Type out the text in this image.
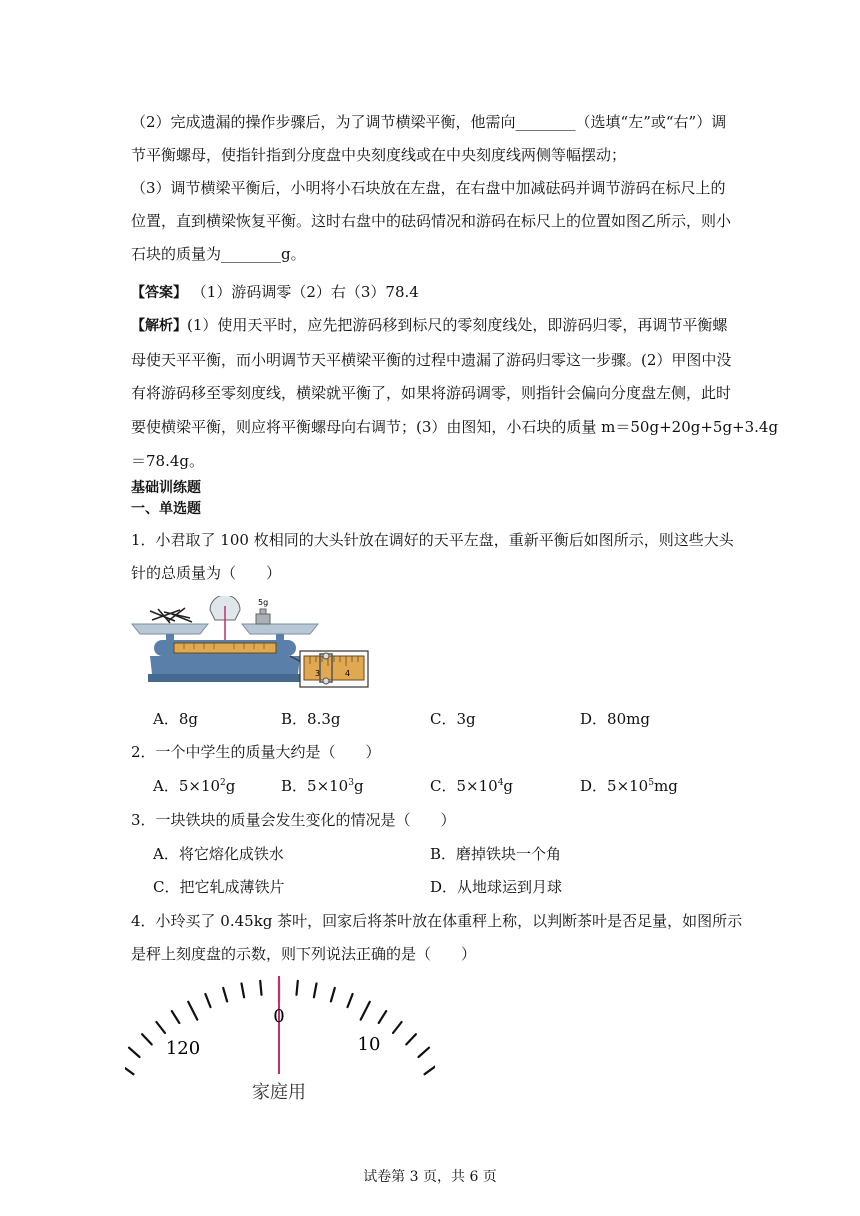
（2）完成遗漏的操作步骤后，为了调节横梁平衡，他需向________（选填“左”或“右”）调
节平衡螺母，使指针指到分度盘中央刻度线或在中央刻度线两侧等幅摆动；
（3）调节横梁平衡后，小明将小石块放在左盘，在右盘中加减砝码并调节游码在标尺上的
位置，直到横梁恢复平衡。这时右盘中的砝码情况和游码在标尺上的位置如图乙所示，则小
石块的质量为________g。
【答案】 （1）游码调零（2）右（3）78.4
【解析】(1）使用天平时，应先把游码移到标尺的零刻度线处，即游码归零，再调节平衡螺
母使天平平衡，而小明调节天平横梁平衡的过程中遗漏了游码归零这一步骤。(2）甲图中没
有将游码移至零刻度线，横梁就平衡了，如果将游码调零，则指针会偏向分度盘左侧，此时
要使横梁平衡，则应将平衡螺母向右调节；(3）由图知，小石块的质量 m＝50g+20g+5g+3.4g
＝78.4g。
基础训练题
一、单选题
1．小君取了 100 枚相同的大头针放在调好的天平左盘，重新平衡后如图所示，则这些大头
针的总质量为（　　）
5g
3	4
A．8g	B．8.3g	C．3g	D．80mg
2．一个中学生的质量大约是（　　）
A．$5\times 10^2g$	B．$5\times 10^3g$	C．$5\times 10^4g$	D．$5\times 10^5mg$
3．一块铁块的质量会发生变化的情况是（　　）
A．将它熔化成铁水	B．磨掉铁块一个角
C．把它轧成薄铁片	D．从地球运到月球
4．小玲买了 0.45kg 茶叶，回家后将茶叶放在体重秤上称，以判断茶叶是否足量，如图所示
是秤上刻度盘的示数，则下列说法正确的是（　　）
0
120	10
家庭用
试卷第 3 页，共 6 页
